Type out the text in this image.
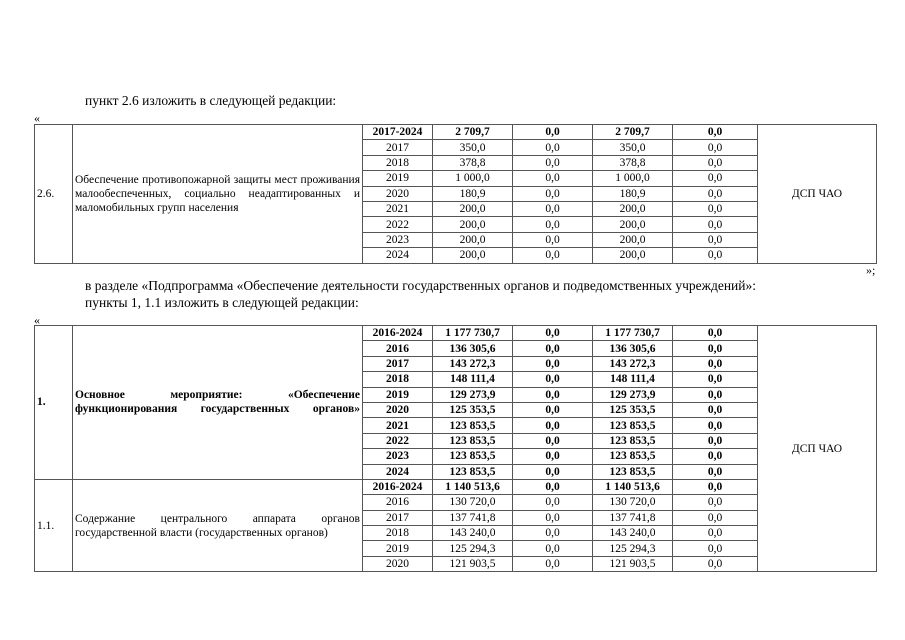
пункт 2.6 изложить в следующей редакции:
«
2.6.	Обеспечение противопожарной защиты мест проживания малообеспеченных, социально неадаптированных и маломобильных групп населения	2017-2024	2 709,7	0,0	2 709,7	0,0	ДСП ЧАО
		2017	350,0	0,0	350,0	0,0	
		2018	378,8	0,0	378,8	0,0	
		2019	1 000,0	0,0	1 000,0	0,0	
		2020	180,9	0,0	180,9	0,0	
		2021	200,0	0,0	200,0	0,0	
		2022	200,0	0,0	200,0	0,0	
		2023	200,0	0,0	200,0	0,0	
		2024	200,0	0,0	200,0	0,0	
»;
в разделе «Подпрограмма «Обеспечение деятельности государственных органов и подведомственных учреждений»:
пункты 1, 1.1 изложить в следующей редакции:
«
1.	Основное мероприятие: «Обеспечение функционирования государственных органов»	2016-2024	1 177 730,7	0,0	1 177 730,7	0,0	ДСП ЧАО
		2016	136 305,6	0,0	136 305,6	0,0	
		2017	143 272,3	0,0	143 272,3	0,0	
		2018	148 111,4	0,0	148 111,4	0,0	
		2019	129 273,9	0,0	129 273,9	0,0	
		2020	125 353,5	0,0	125 353,5	0,0	
		2021	123 853,5	0,0	123 853,5	0,0	
		2022	123 853,5	0,0	123 853,5	0,0	
		2023	123 853,5	0,0	123 853,5	0,0	
		2024	123 853,5	0,0	123 853,5	0,0	
1.1.	Содержание центрального аппарата органов государственной власти (государственных органов)	2016-2024	1 140 513,6	0,0	1 140 513,6	0,0	
		2016	130 720,0	0,0	130 720,0	0,0	
		2017	137 741,8	0,0	137 741,8	0,0	
		2018	143 240,0	0,0	143 240,0	0,0	
		2019	125 294,3	0,0	125 294,3	0,0	
		2020	121 903,5	0,0	121 903,5	0,0	
